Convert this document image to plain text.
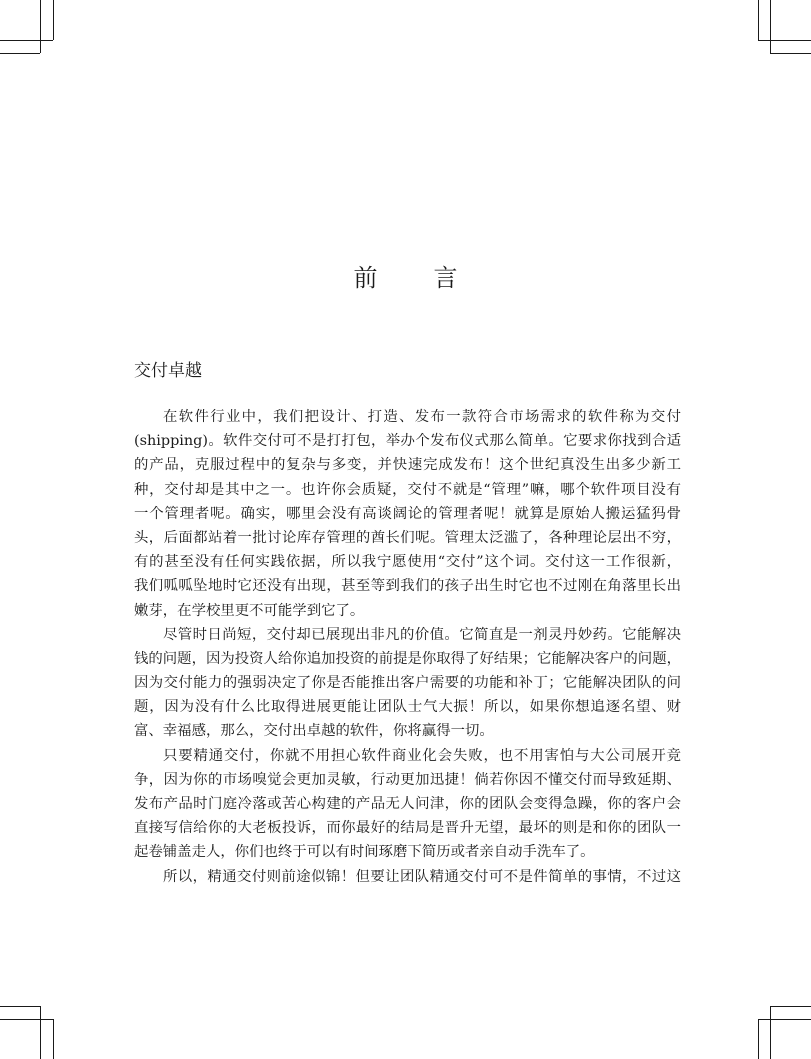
前 言
交付卓越
在软件行业中，我们把设计、打造、发布一款符合市场需求的软件称为交付
(shipping)。软件交付可不是打打包，举办个发布仪式那么简单。它要求你找到合适
的产品，克服过程中的复杂与多变，并快速完成发布！这个世纪真没生出多少新工
种，交付却是其中之一。也许你会质疑，交付不就是“管理”嘛，哪个软件项目没有
一个管理者呢。确实，哪里会没有高谈阔论的管理者呢！就算是原始人搬运猛犸骨
头，后面都站着一批讨论库存管理的酋长们呢。管理太泛滥了，各种理论层出不穷，
有的甚至没有任何实践依据，所以我宁愿使用“交付”这个词。交付这一工作很新，
我们呱呱坠地时它还没有出现，甚至等到我们的孩子出生时它也不过刚在角落里长出
嫩芽，在学校里更不可能学到它了。
尽管时日尚短，交付却已展现出非凡的价值。它简直是一剂灵丹妙药。它能解决
钱的问题，因为投资人给你追加投资的前提是你取得了好结果；它能解决客户的问题，
因为交付能力的强弱决定了你是否能推出客户需要的功能和补丁；它能解决团队的问
题，因为没有什么比取得进展更能让团队士气大振！所以，如果你想追逐名望、财
富、幸福感，那么，交付出卓越的软件，你将赢得一切。
只要精通交付，你就不用担心软件商业化会失败，也不用害怕与大公司展开竞
争，因为你的市场嗅觉会更加灵敏，行动更加迅捷！倘若你因不懂交付而导致延期、
发布产品时门庭冷落或苦心构建的产品无人问津，你的团队会变得急躁，你的客户会
直接写信给你的大老板投诉，而你最好的结局是晋升无望，最坏的则是和你的团队一
起卷铺盖走人，你们也终于可以有时间琢磨下简历或者亲自动手洗车了。
所以，精通交付则前途似锦！但要让团队精通交付可不是件简单的事情，不过这
